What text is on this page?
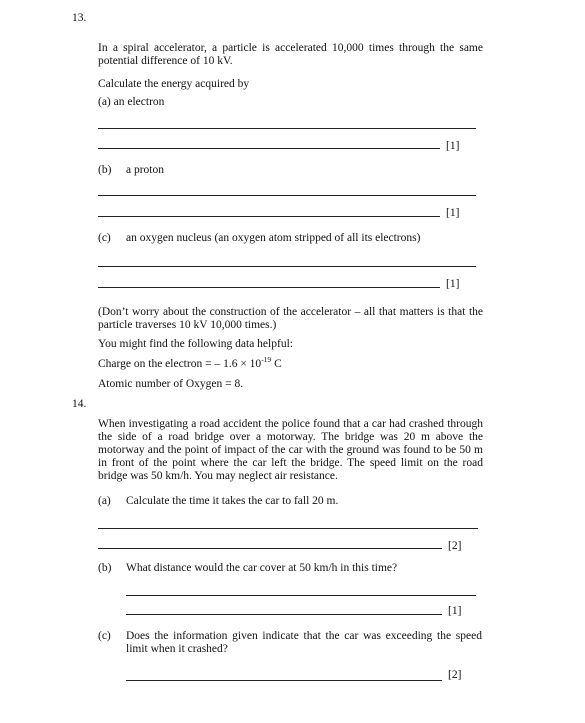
13.
In a spiral accelerator, a particle is accelerated 10,000 times through the same potential difference of 10 kV.
Calculate the energy acquired by
(a) an electron
[1]
(b) a proton
[1]
(c) an oxygen nucleus (an oxygen atom stripped of all its electrons)
[1]
(Don’t worry about the construction of the accelerator – all that matters is that the particle traverses 10 kV 10,000 times.)
You might find the following data helpful:
Charge on the electron = – $1.6 \times 10^{-19}$ C
Atomic number of Oxygen = 8.
14.
When investigating a road accident the police found that a car had crashed through the side of a road bridge over a motorway. The bridge was 20 m above the motorway and the point of impact of the car with the ground was found to be 50 m in front of the point where the car left the bridge. The speed limit on the road bridge was 50 km/h. You may neglect air resistance.
(a) Calculate the time it takes the car to fall 20 m.
[2]
(b) What distance would the car cover at 50 km/h in this time?
[1]
(c) Does the information given indicate that the car was exceeding the speed limit when it crashed?
[2]
